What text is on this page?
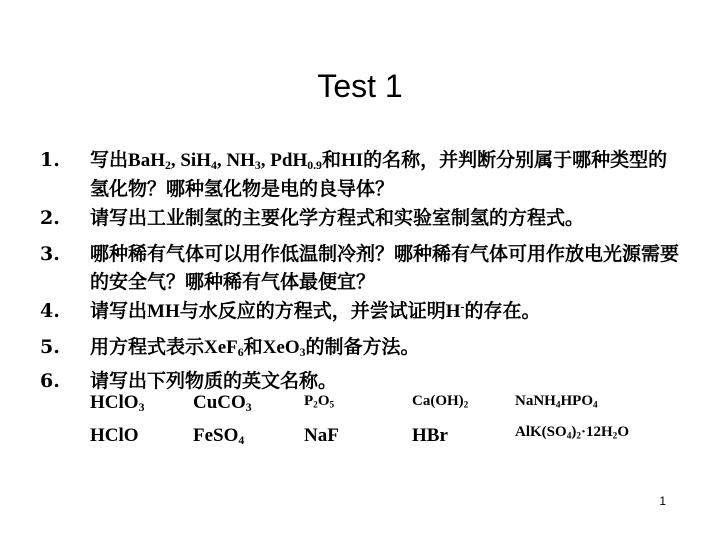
Test 1
1.	写出BaH$_2$, SiH$_4$, $NH_3$, PdH$_{0.9}$和HI的名称，并判断分别属于哪种类型的氢化物？哪种氢化物是电的良导体？
2.	请写出工业制氢的主要化学方程式和实验室制氢的方程式。
3.	哪种稀有气体可以用作低温制冷剂？哪种稀有气体可用作放电光源需要的安全气？哪种稀有气体最便宜？
4.	请写出MH与水反应的方程式，并尝试证明H-的存在。
5.	用方程式表示XeF$_6$和XeO$_3$的制备方法。
6.	请写出下列物质的英文名称。
HClO$_3$	CuCO$_3$	$P_2O_5$	$Ca(OH)_2$	$NaNH_4HPO_4$
HClO	FeSO$_4$	NaF	HBr	$AlK(SO_4)_2\cdot 12H_2O$
1
